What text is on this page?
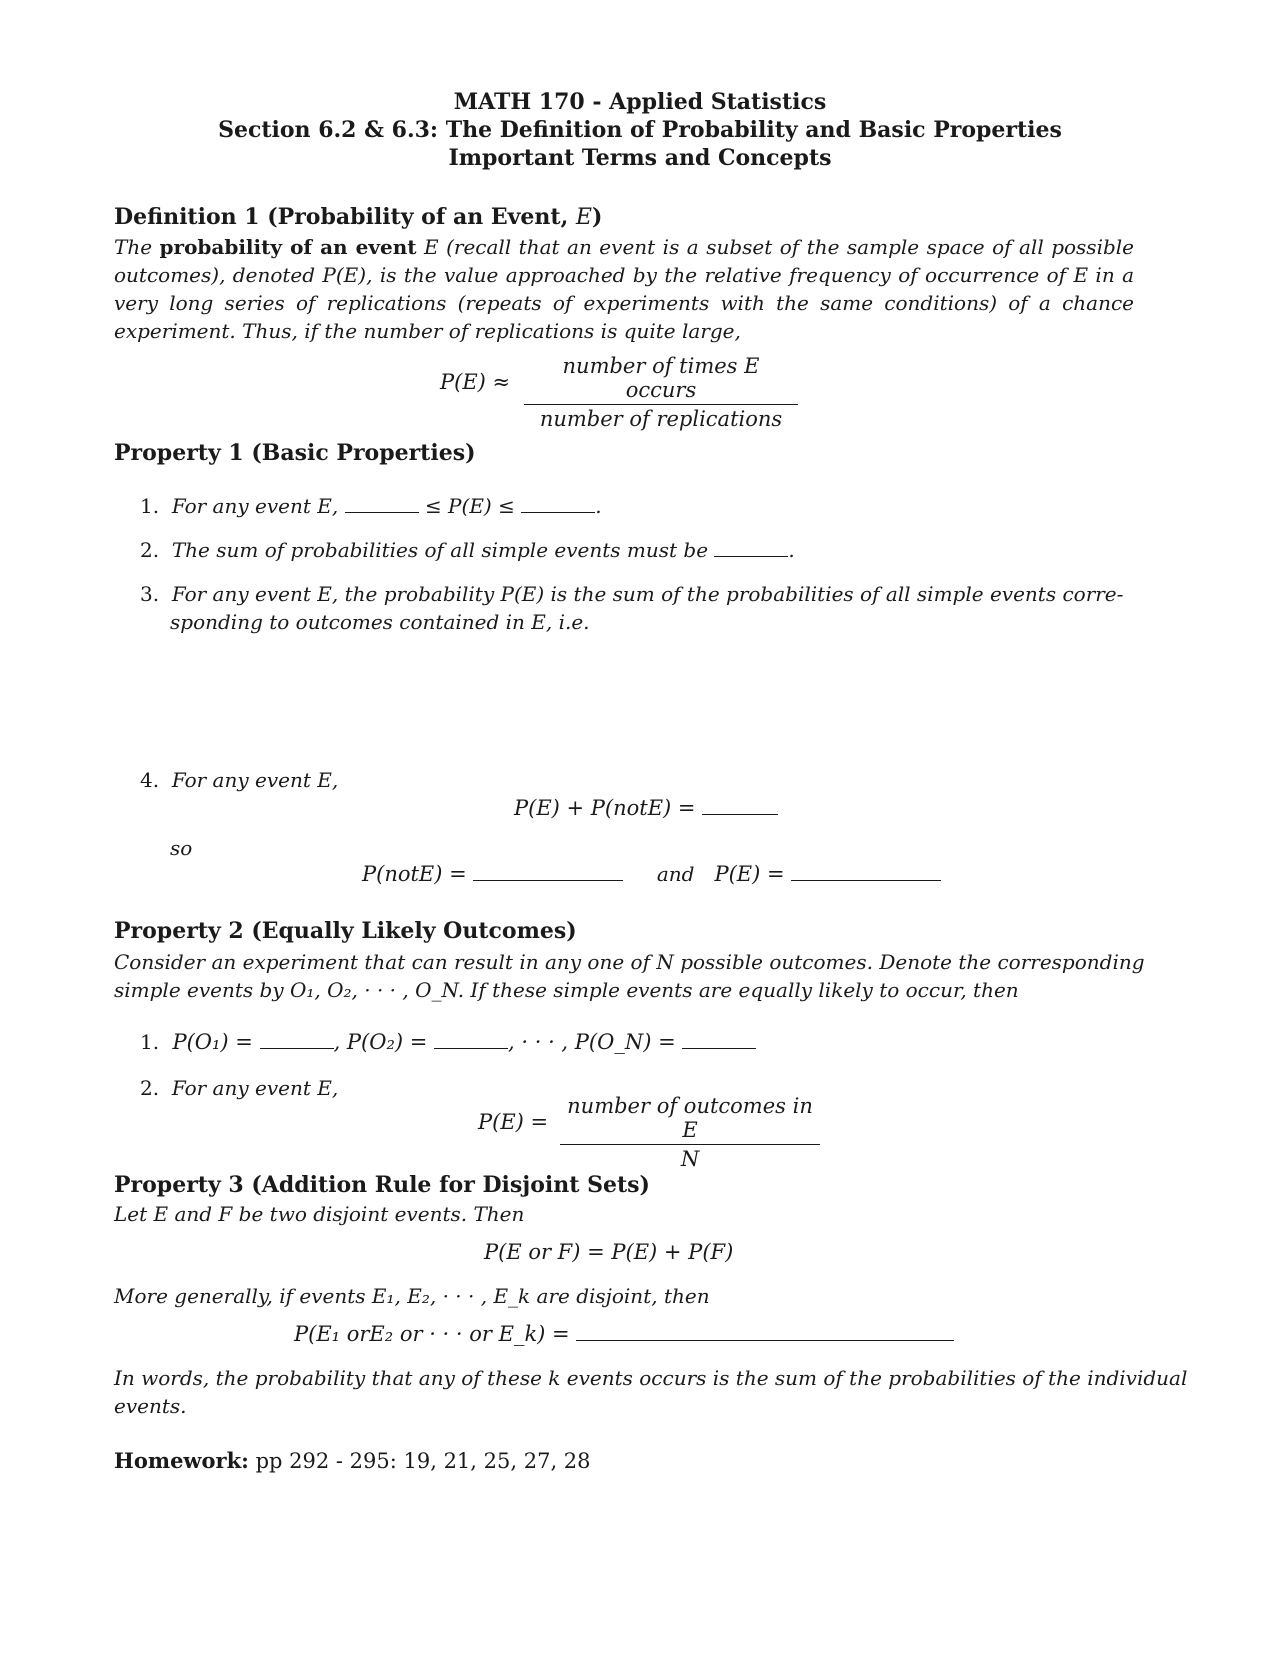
MATH 170 - Applied Statistics
Section 6.2 & 6.3: The Definition of Probability and Basic Properties
Important Terms and Concepts
Definition 1 (Probability of an Event, E)
The probability of an event E (recall that an event is a subset of the sample space of all possible outcomes), denoted P(E), is the value approached by the relative frequency of occurrence of E in a very long series of replications (repeats of experiments with the same conditions) of a chance experiment. Thus, if the number of replications is quite large,
P(E) ≈
number of times E occurs
number of replications
Property 1 (Basic Properties)
1. For any event E,	≤ P(E) ≤	.
2. The sum of probabilities of all simple events must be	.
3. For any event E, the probability P(E) is the sum of the probabilities of all simple events corre-
sponding to outcomes contained in E, i.e.
4. For any event E,
P(E) + P(notE) =
so
P(notE) =	and P(E) =
Property 2 (Equally Likely Outcomes)
Consider an experiment that can result in any one of N possible outcomes. Denote the corresponding
simple events by O₁, O₂, · · · , O_N. If these simple events are equally likely to occur, then
1. P(O₁) =	, P(O₂) =	, · · · , P(O_N) =
2. For any event E,
P(E) =
number of outcomes in E
N
Property 3 (Addition Rule for Disjoint Sets)
Let E and F be two disjoint events. Then
P(E or F) = P(E) + P(F)
More generally, if events E₁, E₂, · · · , E_k are disjoint, then
P(E₁ orE₂ or · · · or E_k) =
In words, the probability that any of these k events occurs is the sum of the probabilities of the individual
events.
Homework: pp 292 - 295: 19, 21, 25, 27, 28
